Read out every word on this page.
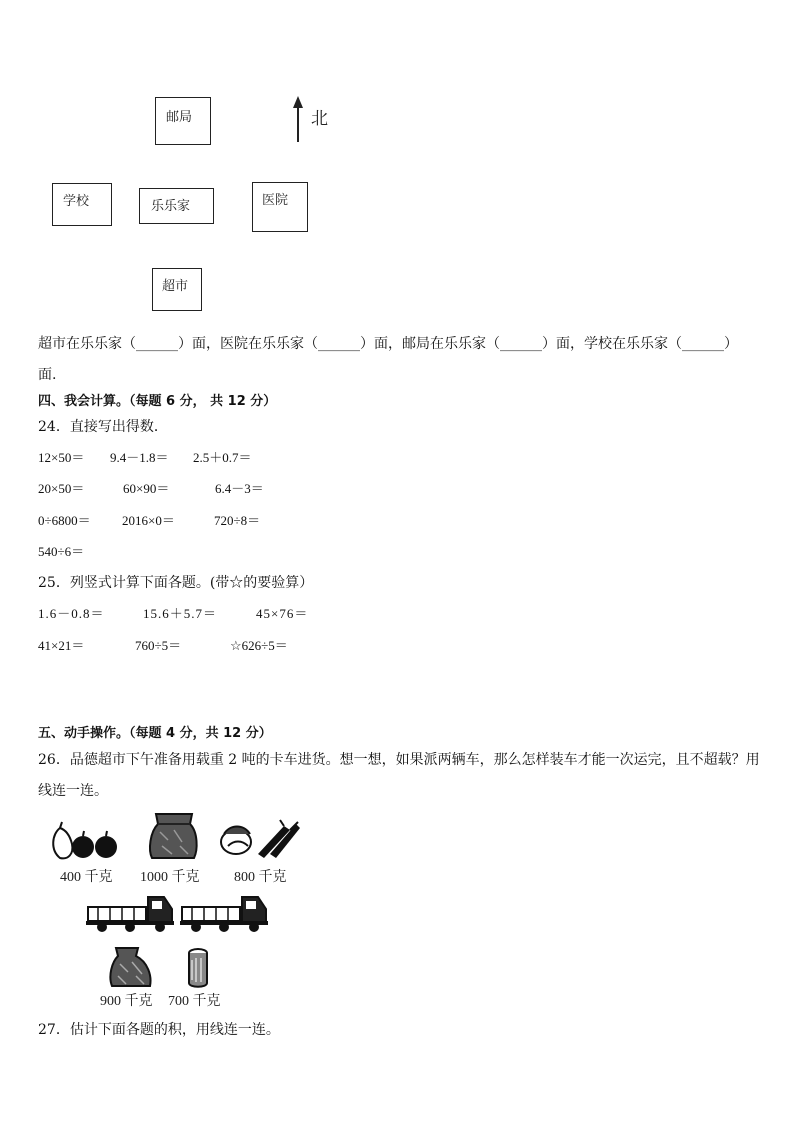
邮局	北
学校	乐乐家	医院
超市
超市在乐乐家（______）面，医院在乐乐家（______）面，邮局在乐乐家（______）面，学校在乐乐家（______）
面.
四、我会计算。（每题 6 分， 共 12 分）
24．直接写出得数．
12×50＝ 9.4－1.8＝ 2.5＋0.7＝
20×50＝	60×90＝	6.4－3＝
0÷6800＝ 2016×0＝	720÷8＝
540÷6＝
25．列竖式计算下面各题。(带☆的要验算）
1.6－0.8＝	15.6＋5.7＝	45×76＝
41×21＝	760÷5＝	☆626÷5＝
五、动手操作。（每题 4 分，共 12 分）
26．品德超市下午准备用载重 2 吨的卡车进货。想一想，如果派两辆车，那么怎样装车才能一次运完，且不超载？用
线连一连。
400 千克 1000 千克 800 千克
900 千克 700 千克
27．估计下面各题的积，用线连一连。
